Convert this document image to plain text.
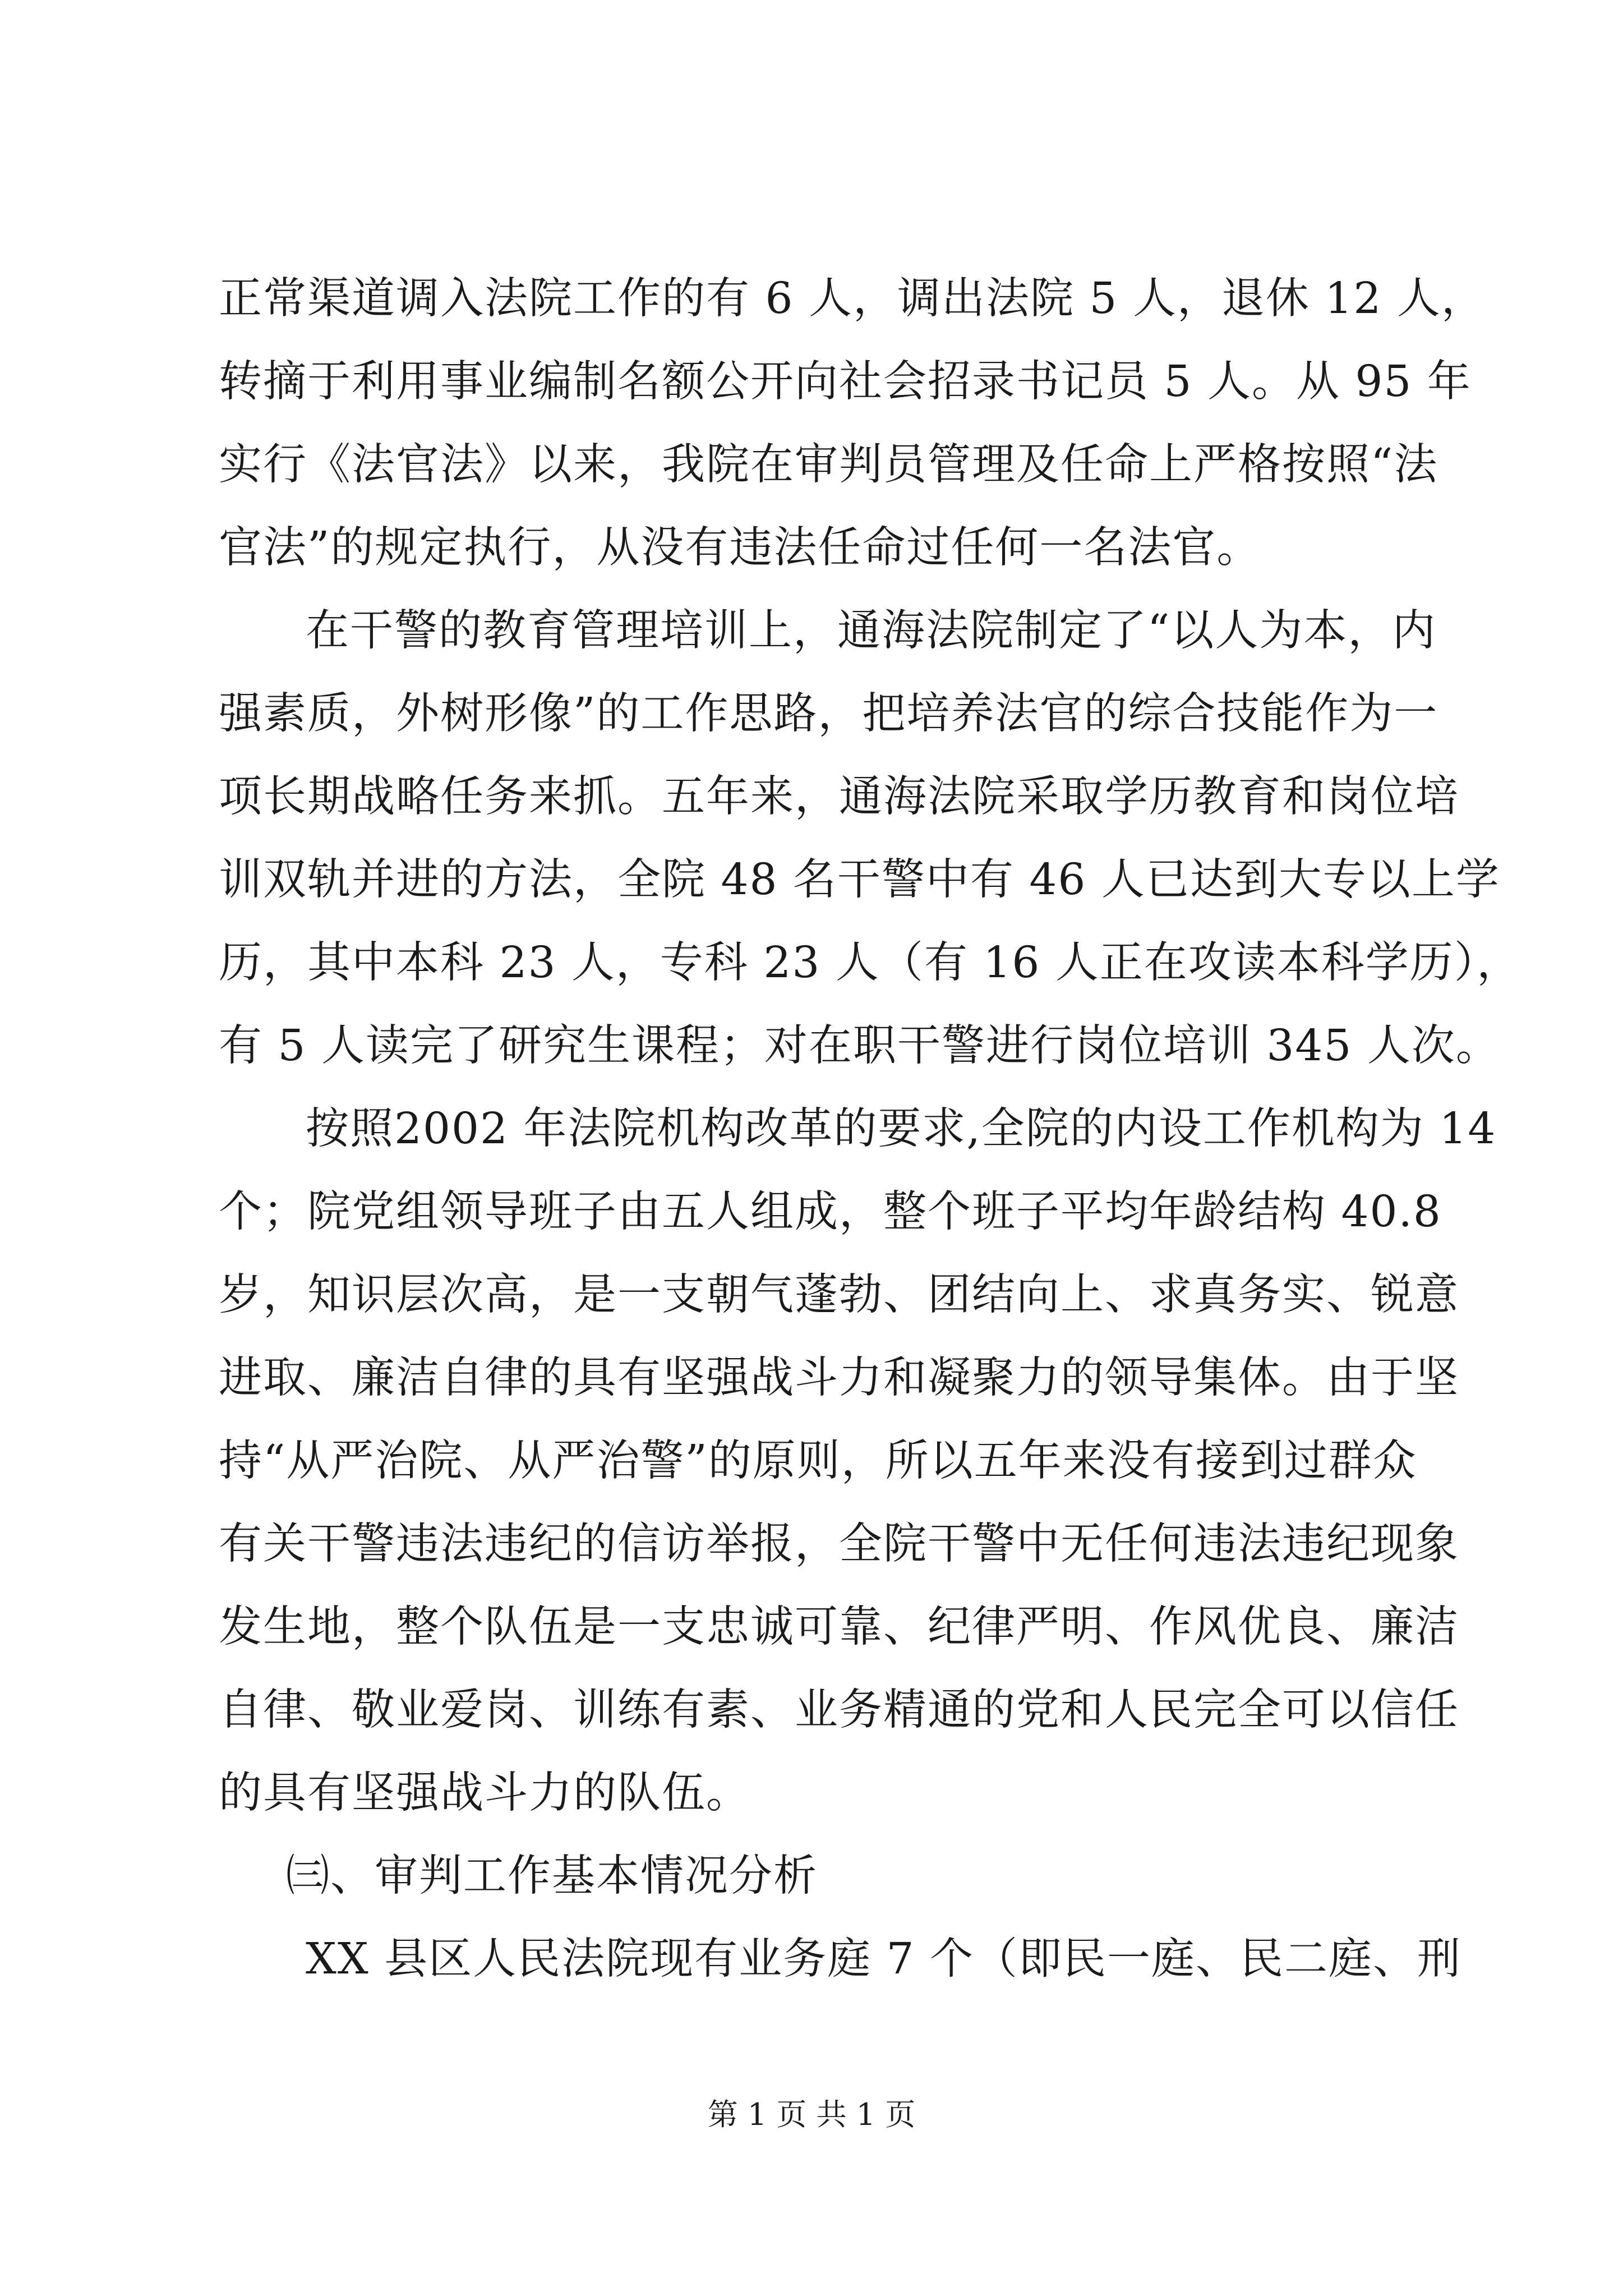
正常渠道调入法院工作的有 6 人，调出法院 5 人，退休 12 人，
转摘于利用事业编制名额公开向社会招录书记员 5 人。从 95 年
实行《法官法》以来，我院在审判员管理及任命上严格按照“法
官法”的规定执行，从没有违法任命过任何一名法官。
在干警的教育管理培训上，通海法院制定了“以人为本，内
强素质，外树形像”的工作思路，把培养法官的综合技能作为一
项长期战略任务来抓。五年来，通海法院采取学历教育和岗位培
训双轨并进的方法，全院 48 名干警中有 46 人已达到大专以上学
历，其中本科 23 人，专科 23 人（有 16 人正在攻读本科学历），
有 5 人读完了研究生课程；对在职干警进行岗位培训 345 人次。
按照2002 年法院机构改革的要求,全院的内设工作机构为 14
个；院党组领导班子由五人组成，整个班子平均年龄结构 40.8
岁，知识层次高，是一支朝气蓬勃、团结向上、求真务实、锐意
进取、廉洁自律的具有坚强战斗力和凝聚力的领导集体。由于坚
持“从严治院、从严治警”的原则，所以五年来没有接到过群众
有关干警违法违纪的信访举报，全院干警中无任何违法违纪现象
发生地，整个队伍是一支忠诚可靠、纪律严明、作风优良、廉洁
自律、敬业爱岗、训练有素、业务精通的党和人民完全可以信任
的具有坚强战斗力的队伍。
㈢、审判工作基本情况分析
XX 县区人民法院现有业务庭 7 个（即民一庭、民二庭、刑
第 1 页 共 1 页
